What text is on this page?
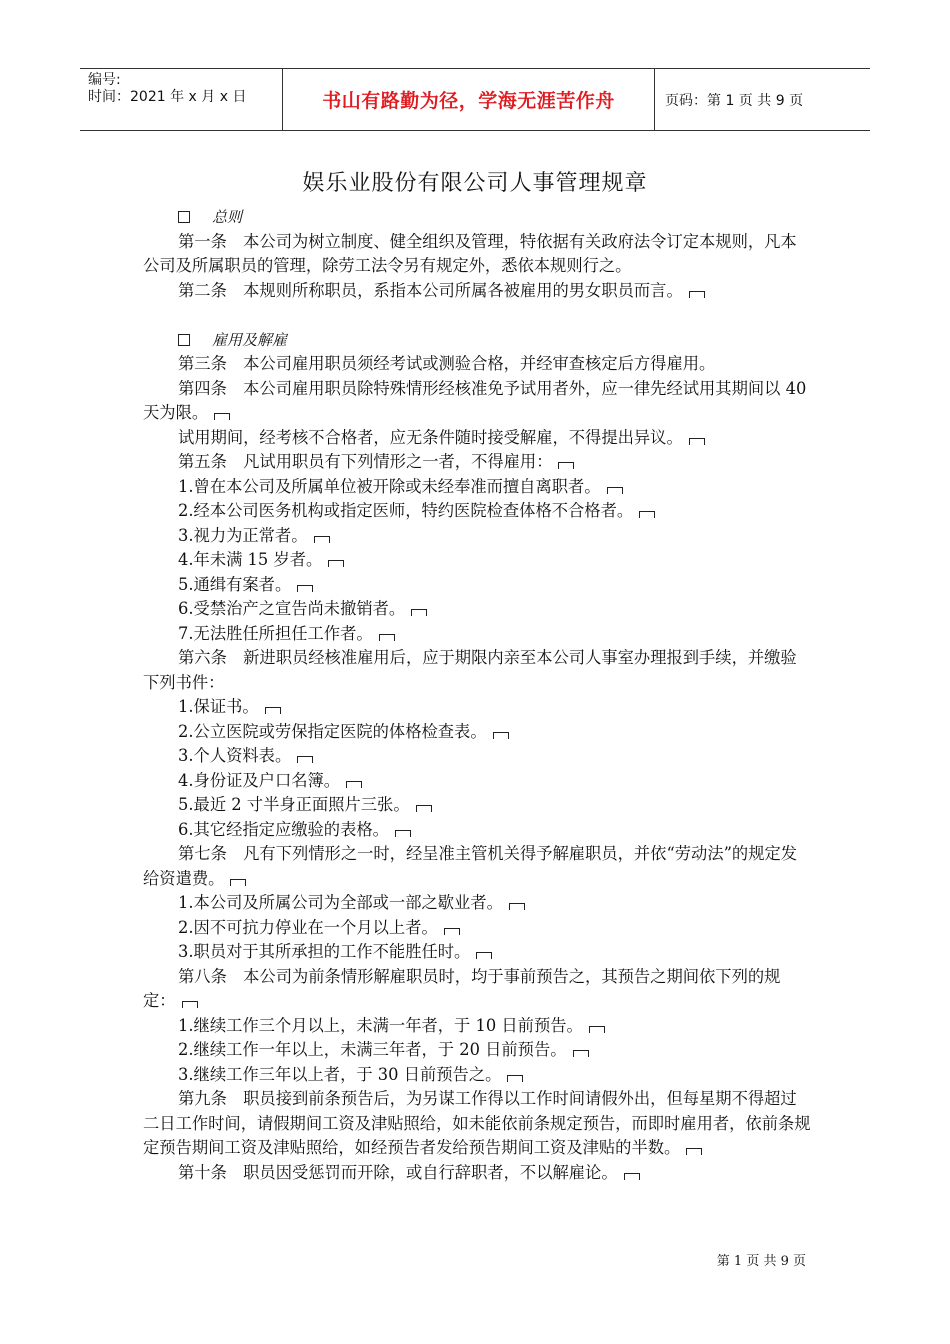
编号:
时间：2021 年 x 月 x 日	书山有路勤为径，学海无涯苦作舟	页码：第 1 页 共 9 页
娱乐业股份有限公司人事管理规章

总则

第一条　本公司为树立制度、健全组织及管理，特依据有关政府法令订定本规则，凡本公司及所属职员的管理，除劳工法令另有规定外，悉依本规则行之。

第二条　本规则所称职员，系指本公司所属各被雇用的男女职员而言。

雇用及解雇

第三条　本公司雇用职员须经考试或测验合格，并经审查核定后方得雇用。

第四条　本公司雇用职员除特殊情形经核准免予试用者外，应一律先经试用其期间以 40 天为限。

试用期间，经考核不合格者，应无条件随时接受解雇，不得提出异议。

第五条　凡试用职员有下列情形之一者，不得雇用：

1.曾在本公司及所属单位被开除或未经奉准而擅自离职者。

2.经本公司医务机构或指定医师，特约医院检查体格不合格者。

3.视力为正常者。

4.年未满 15 岁者。

5.通缉有案者。

6.受禁治产之宣告尚未撤销者。

7.无法胜任所担任工作者。

第六条　新进职员经核准雇用后，应于期限内亲至本公司人事室办理报到手续，并缴验下列书件：

1.保证书。

2.公立医院或劳保指定医院的体格检查表。

3.个人资料表。

4.身份证及户口名簿。

5.最近 2 寸半身正面照片三张。

6.其它经指定应缴验的表格。

第七条　凡有下列情形之一时，经呈准主管机关得予解雇职员，并依“劳动法”的规定发给资遣费。

1.本公司及所属公司为全部或一部之歇业者。

2.因不可抗力停业在一个月以上者。

3.职员对于其所承担的工作不能胜任时。

第八条　本公司为前条情形解雇职员时，均于事前预告之，其预告之期间依下列的规定：

1.继续工作三个月以上，未满一年者，于 10 日前预告。

2.继续工作一年以上，未满三年者，于 20 日前预告。

3.继续工作三年以上者，于 30 日前预告之。

第九条　职员接到前条预告后，为另谋工作得以工作时间请假外出，但每星期不得超过二日工作时间，请假期间工资及津贴照给，如未能依前条规定预告，而即时雇用者，依前条规定预告期间工资及津贴照给，如经预告者发给预告期间工资及津贴的半数。

第十条　职员因受惩罚而开除，或自行辞职者，不以解雇论。

第 1 页 共 9 页
